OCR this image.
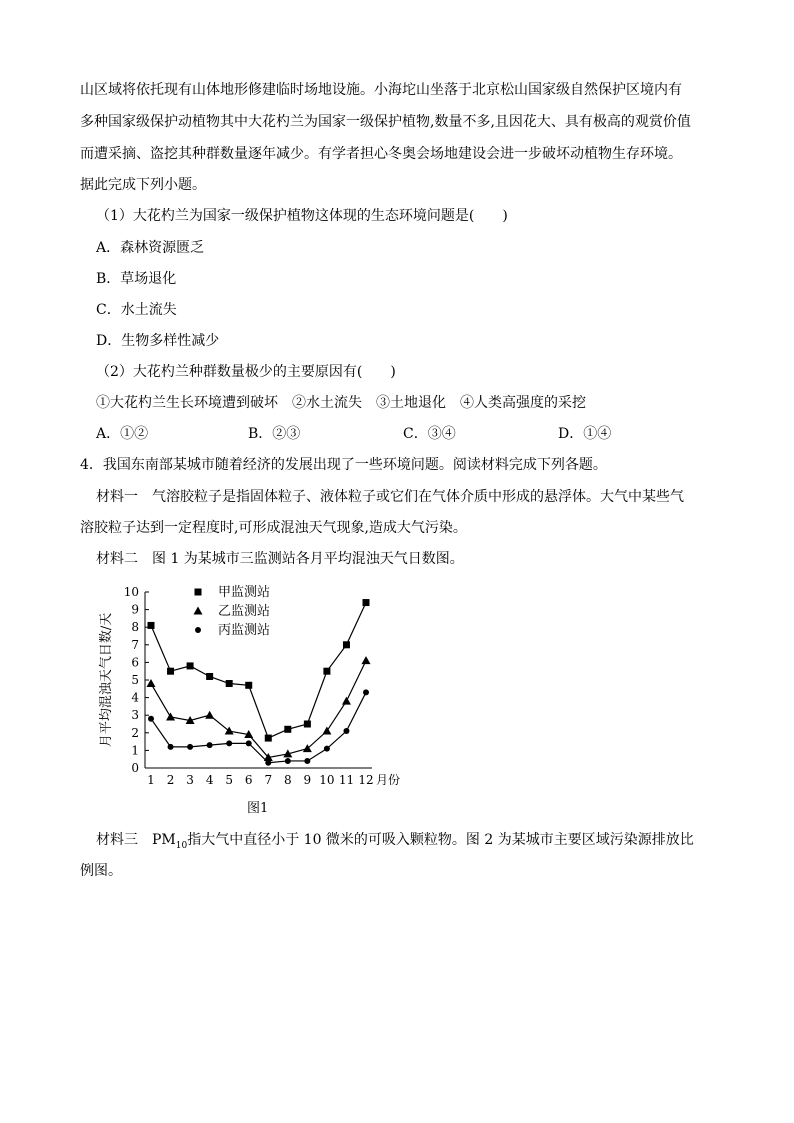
山区域将依托现有山体地形修建临时场地设施。小海坨山坐落于北京松山国家级自然保护区境内有
多种国家级保护动植物其中大花杓兰为国家一级保护植物,数量不多,且因花大、具有极高的观赏价值
而遭采摘、盗挖其种群数量逐年减少。有学者担心冬奥会场地建设会进一步破坏动植物生存环境。
据此完成下列小题。
（1）大花杓兰为国家一级保护植物这体现的生态环境问题是(　　)
A．森林资源匮乏
B．草场退化
C．水土流失
D．生物多样性减少
（2）大花杓兰种群数量极少的主要原因有(　　)
①大花杓兰生长环境遭到破坏　②水土流失　③土地退化　④人类高强度的采挖
A．①②	B．②③	C．③④	D．①④
4．我国东南部某城市随着经济的发展出现了一些环境问题。阅读材料完成下列各题。
材料一　气溶胶粒子是指固体粒子、液体粒子或它们在气体介质中形成的悬浮体。大气中某些气
溶胶粒子达到一定程度时,可形成混浊天气现象,造成大气污染。
材料二　图 1 为某城市三监测站各月平均混浊天气日数图。
0
1
2
3
4
5
6
7
8
9
10
1 2 3 4 5 6 7 8 9 10 11 12 月份
月平均混浊天气日数/天
甲监测站
乙监测站
丙监测站
图1
材料三　$PM_{10}$指大气中直径小于 10 微米的可吸入颗粒物。图 2 为某城市主要区域污染源排放比
例图。
